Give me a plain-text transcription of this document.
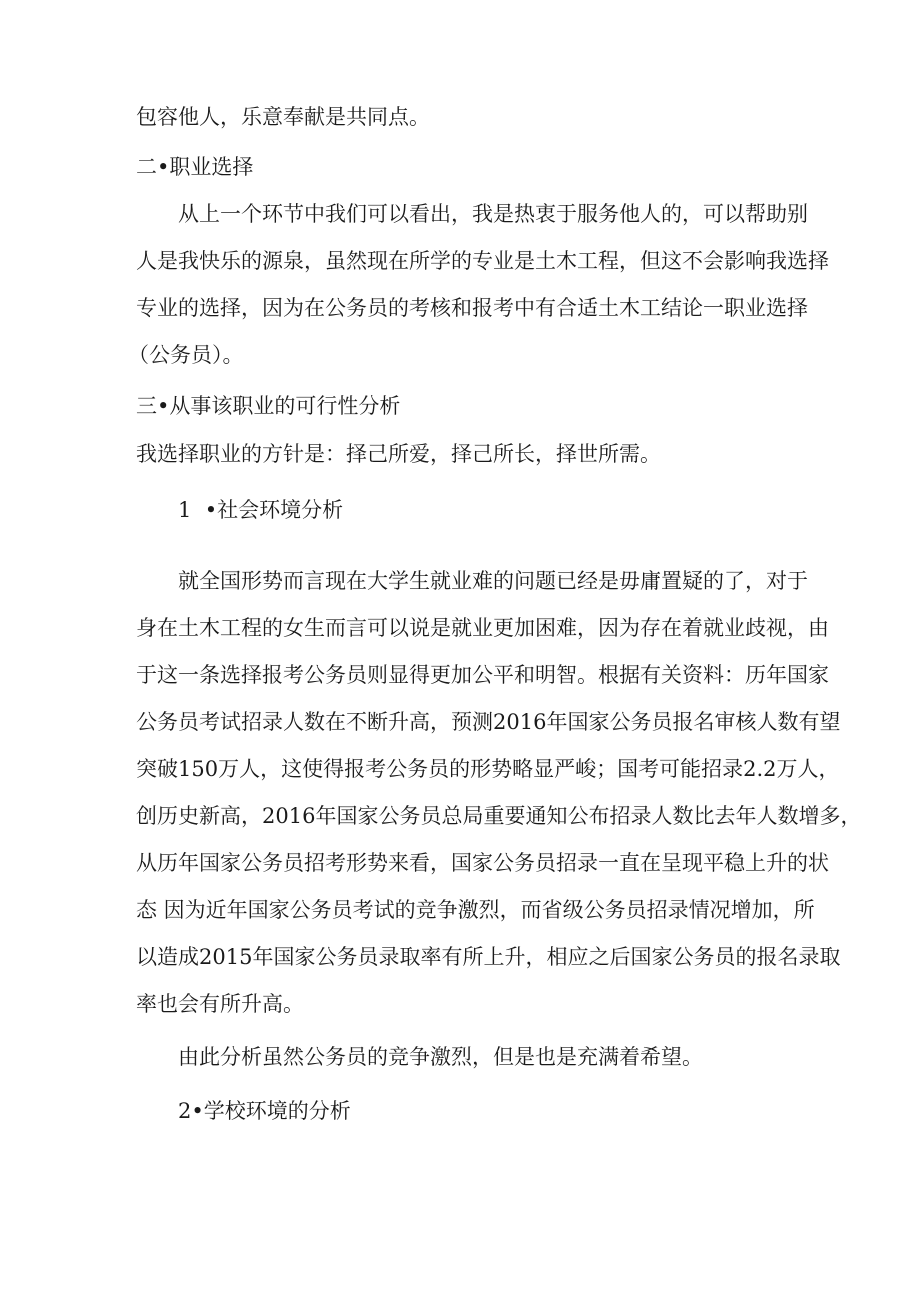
包容他人，乐意奉献是共同点。
二•职业选择
从上一个环节中我们可以看出，我是热衷于服务他人的，可以帮助别
人是我快乐的源泉，虽然现在所学的专业是土木工程，但这不会影响我选择
专业的选择，因为在公务员的考核和报考中有合适土木工结论一职业选择
（公务员）。
三•从事该职业的可行性分析
我选择职业的方针是：择己所爱，择己所长，择世所需。
1  •社会环境分析
就全国形势而言现在大学生就业难的问题已经是毋庸置疑的了，对于
身在土木工程的女生而言可以说是就业更加困难，因为存在着就业歧视，由
于这一条选择报考公务员则显得更加公平和明智。根据有关资料：历年国家
公务员考试招录人数在不断升高，预测2016年国家公务员报名审核人数有望
突破150万人，这使得报考公务员的形势略显严峻；国考可能招录2.2万人，
创历史新高，2016年国家公务员总局重要通知公布招录人数比去年人数增多，
从历年国家公务员招考形势来看，国家公务员招录一直在呈现平稳上升的状
态 因为近年国家公务员考试的竞争激烈，而省级公务员招录情况增加，所
以造成2015年国家公务员录取率有所上升，相应之后国家公务员的报名录取
率也会有所升高。
由此分析虽然公务员的竞争激烈，但是也是充满着希望。
2•学校环境的分析
